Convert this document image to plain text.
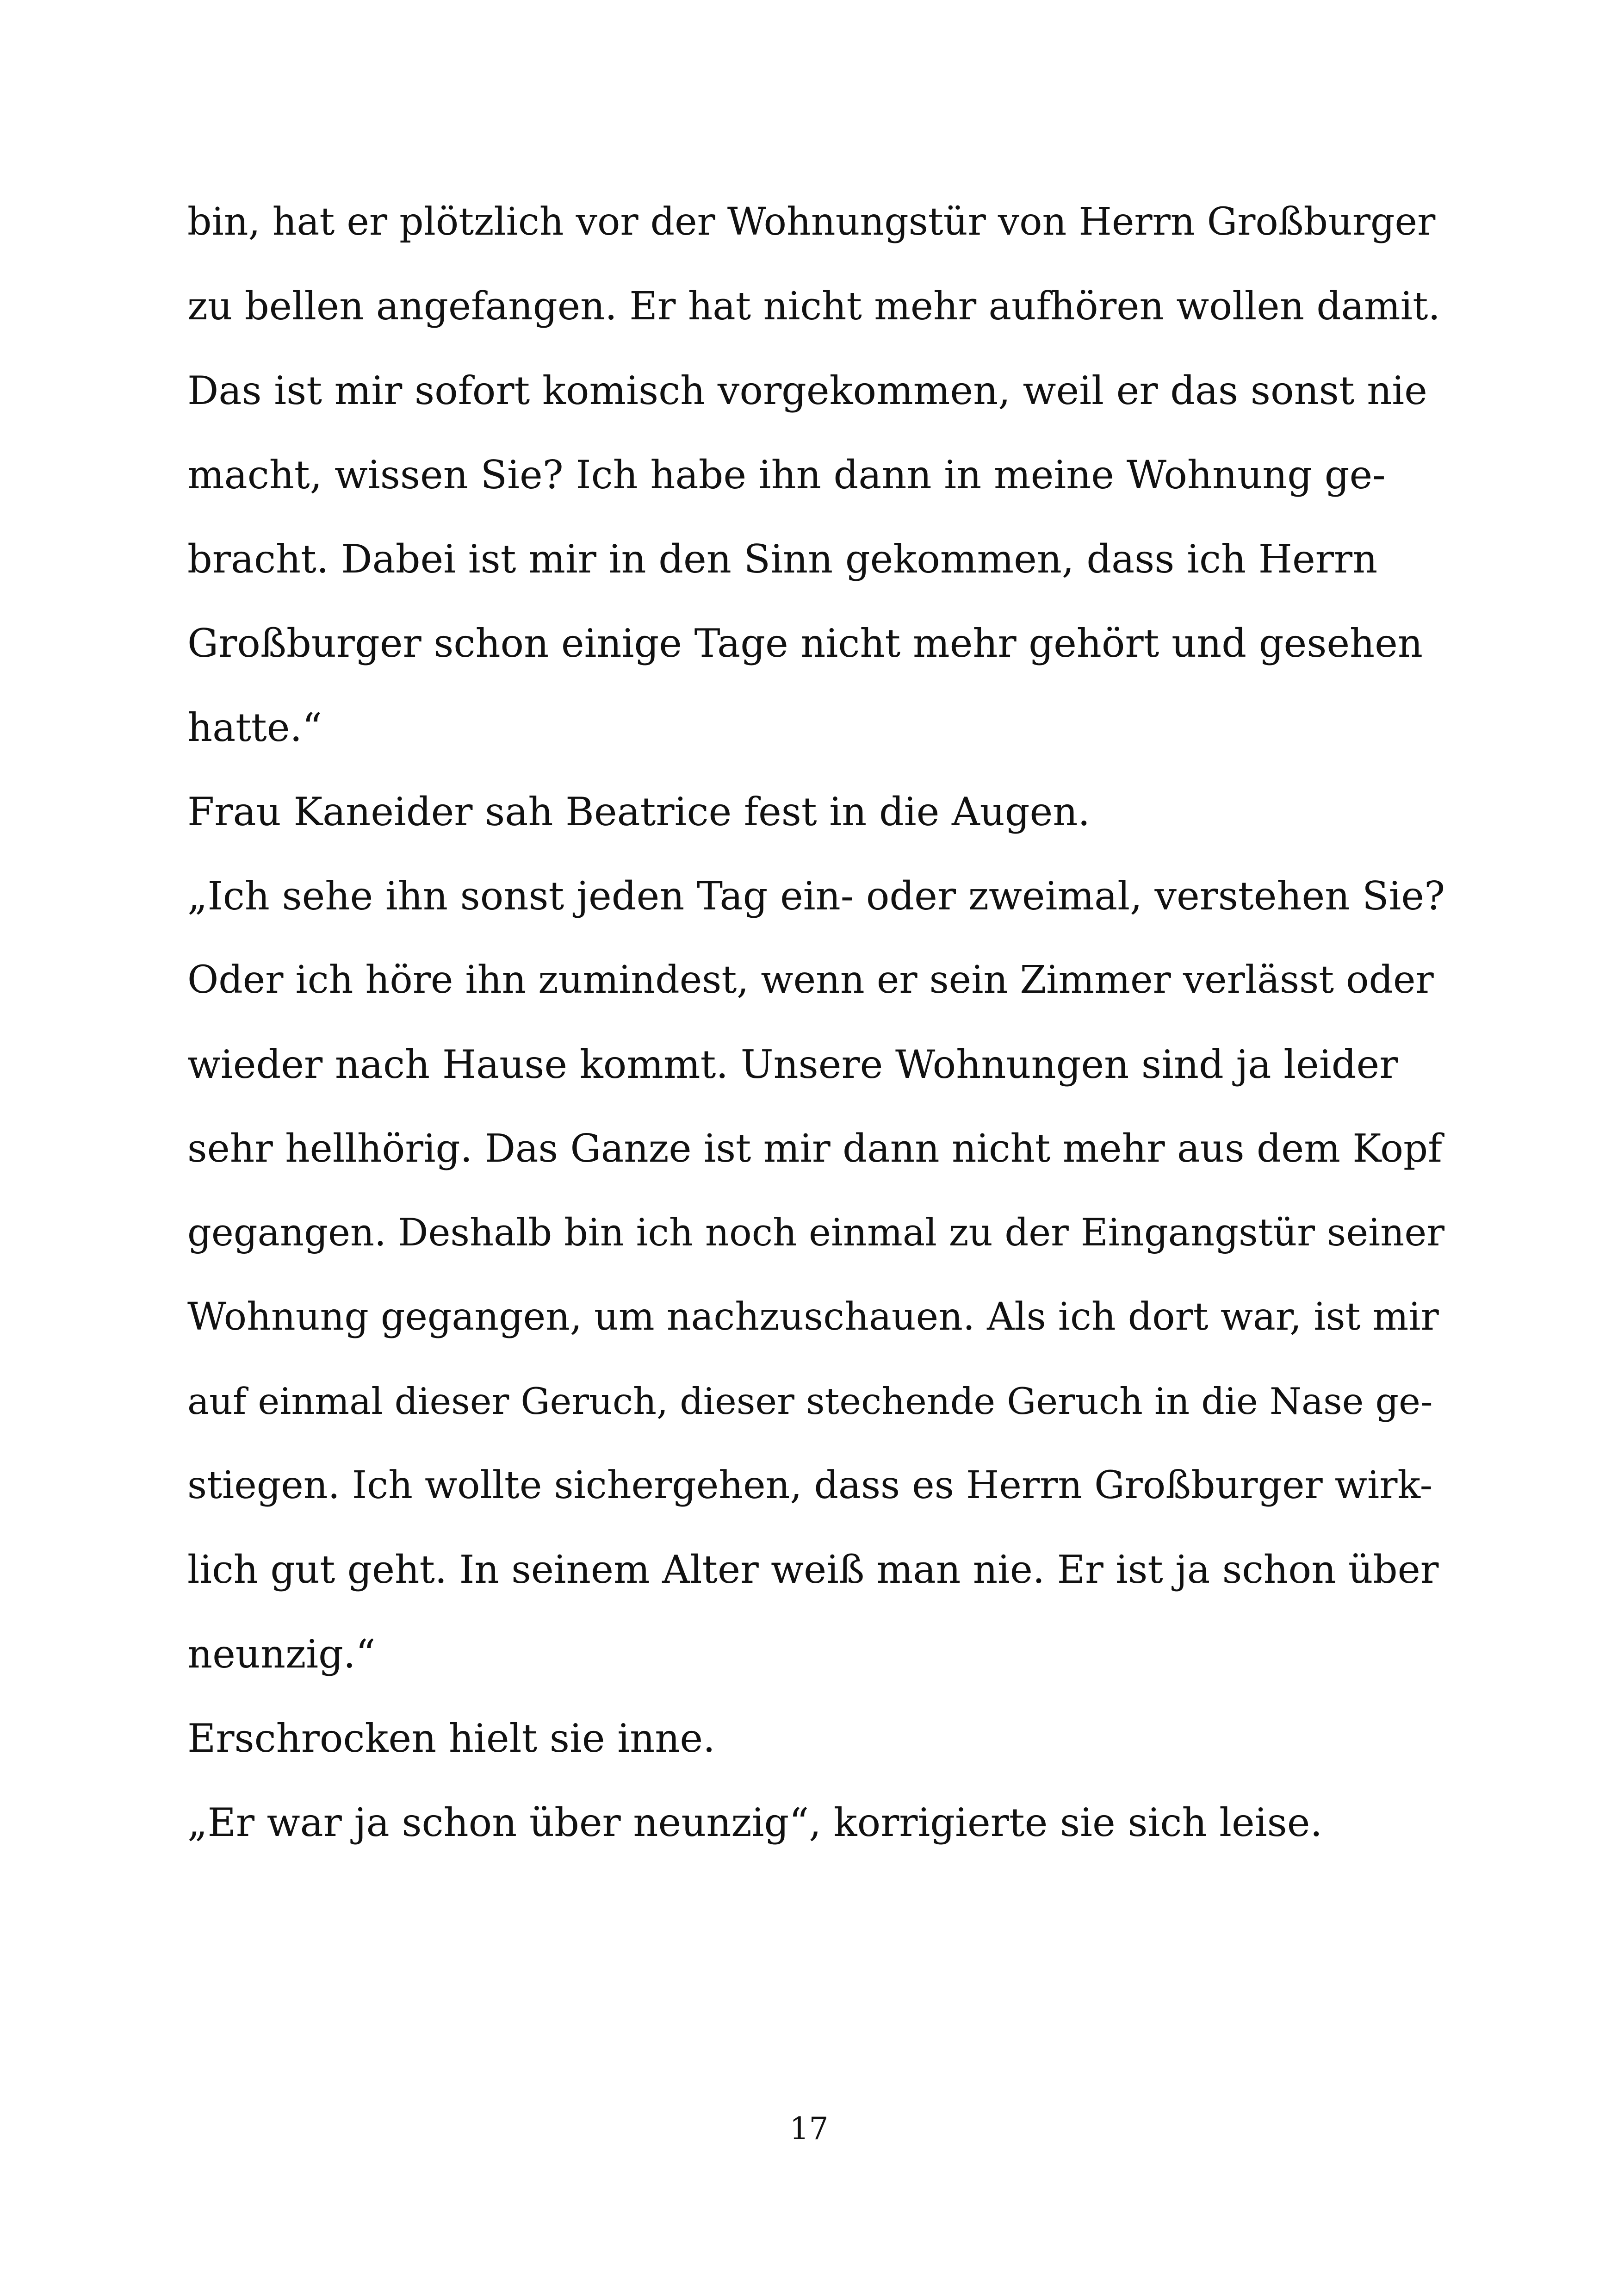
bin, hat er plötzlich vor der Wohnungstür von Herrn Großburger
zu bellen angefangen. Er hat nicht mehr aufhören wollen damit.
Das ist mir sofort komisch vorgekommen, weil er das sonst nie
macht, wissen Sie? Ich habe ihn dann in meine Wohnung ge-
bracht. Dabei ist mir in den Sinn gekommen, dass ich Herrn
Großburger schon einige Tage nicht mehr gehört und gesehen
hatte.“
Frau Kaneider sah Beatrice fest in die Augen.
„Ich sehe ihn sonst jeden Tag ein- oder zweimal, verstehen Sie?
Oder ich höre ihn zumindest, wenn er sein Zimmer verlässt oder
wieder nach Hause kommt. Unsere Wohnungen sind ja leider
sehr hellhörig. Das Ganze ist mir dann nicht mehr aus dem Kopf
gegangen. Deshalb bin ich noch einmal zu der Eingangstür seiner
Wohnung gegangen, um nachzuschauen. Als ich dort war, ist mir
auf einmal dieser Geruch, dieser stechende Geruch in die Nase ge-
stiegen. Ich wollte sichergehen, dass es Herrn Großburger wirk-
lich gut geht. In seinem Alter weiß man nie. Er ist ja schon über
neunzig.“
Erschrocken hielt sie inne.
„Er war ja schon über neunzig“, korrigierte sie sich leise.
17
